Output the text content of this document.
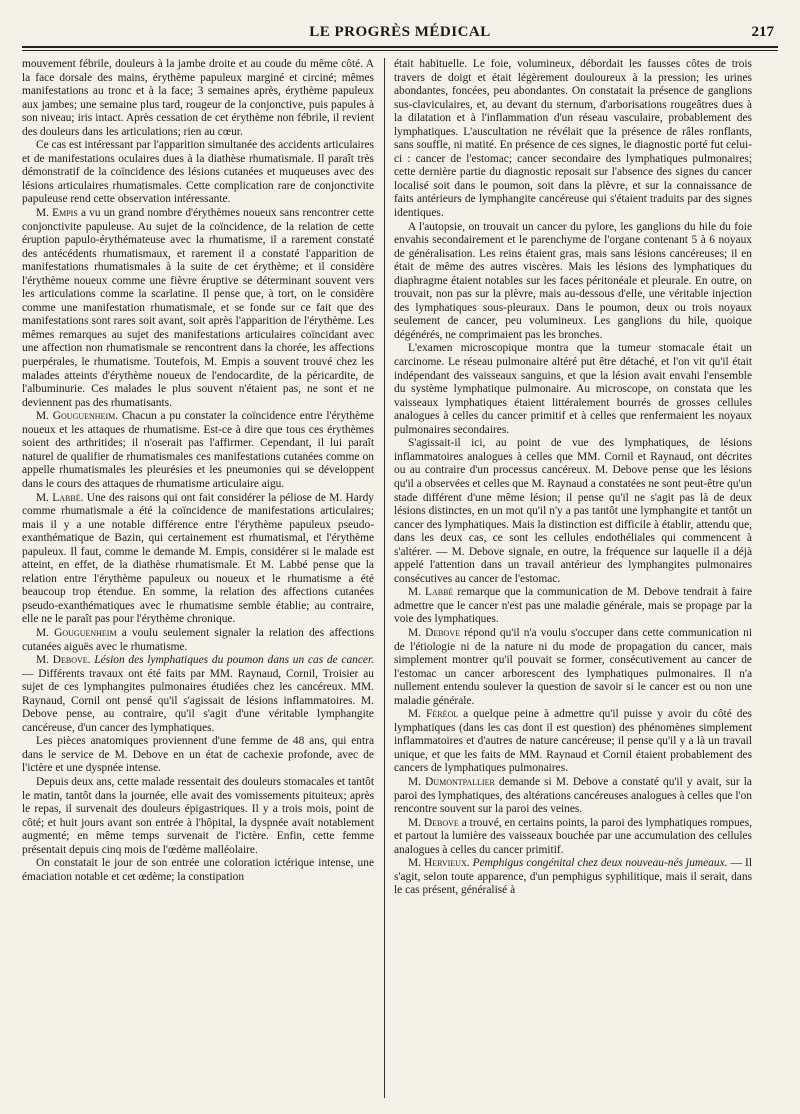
LE PROGRÈS MÉDICAL	217

mouvement fébrile, douleurs à la jambe droite et au coude du même côté. A la face dorsale des mains, érythème papuleux marginé et circiné; mêmes manifestations au tronc et à la face; 3 semaines après, érythème papuleux aux jambes; une semaine plus tard, rougeur de la conjonctive, puis papules à son niveau; iris intact. Après cessation de cet érythème non fébrile, il revient des douleurs dans les articulations; rien au cœur.

Ce cas est intéressant par l'apparition simultanée des accidents articulaires et de manifestations oculaires dues à la diathèse rhumatismale. Il paraît très démonstratif de la coïncidence des lésions cutanées et muqueuses avec des lésions articulaires rhumatismales. Cette complication rare de conjonctivite papuleuse rend cette observation intéressante.

M. Empis a vu un grand nombre d'érythèmes noueux sans rencontrer cette conjonctivite papuleuse. Au sujet de la coïncidence, de la relation de cette éruption papulo-érythémateuse avec la rhumatisme, il a rarement constaté des antécédents rhumatismaux, et rarement il a constaté l'apparition de manifestations rhumatismales à la suite de cet érythème; et il considère l'érythème noueux comme une fièvre éruptive se déterminant souvent vers les articulations comme la scarlatine. Il pense que, à tort, on le considère comme une manifestation rhumatismale, et se fonde sur ce fait que des manifestations sont rares soit avant, soit après l'apparition de l'érythème. Les mêmes remarques au sujet des manifestations articulaires coïncidant avec une affection non rhumatismale se rencontrent dans la chorée, les affections puerpérales, le rhumatisme. Toutefois, M. Empis a souvent trouvé chez les malades atteints d'érythème noueux de l'endocardite, de la péricardite, de l'albuminurie. Ces malades le plus souvent n'étaient pas, ne sont et ne deviennent pas des rhumatisants.

M. Gouguenheim. Chacun a pu constater la coïncidence entre l'érythème noueux et les attaques de rhumatisme. Est-ce à dire que tous ces érythèmes soient des arthritides; il n'oserait pas l'affirmer. Cependant, il lui paraît naturel de qualifier de rhumatismales ces manifestations cutanées comme on appelle rhumatismales les pleurésies et les pneumonies qui se développent dans le cours des attaques de rhumatisme articulaire aigu.

M. Labbé. Une des raisons qui ont fait considérer la péliose de M. Hardy comme rhumatismale a été la coïncidence de manifestations articulaires; mais il y a une notable différence entre l'érythème papuleux pseudo-exanthématique de Bazin, qui certainement est rhumatismal, et l'érythème papuleux. Il faut, comme le demande M. Empis, considérer si le malade est atteint, en effet, de la diathèse rhumatismale. Et M. Labbé pense que la relation entre l'érythème papuleux ou noueux et le rhumatisme a été beaucoup trop étendue. En somme, la relation des affections cutanées pseudo-exanthématiques avec le rhumatisme semble établie; au contraire, elle ne le paraît pas pour l'érythème chronique.

M. Gouguenheim a voulu seulement signaler la relation des affections cutanées aiguës avec le rhumatisme.

M. Debove. Lésion des lymphatiques du poumon dans un cas de cancer. — Différents travaux ont été faits par MM. Raynaud, Cornil, Troisier au sujet de ces lymphangites pulmonaires étudiées chez les cancéreux. MM. Raynaud, Cornil ont pensé qu'il s'agissait de lésions inflammatoires. M. Debove pense, au contraire, qu'il s'agit d'une véritable lymphangite cancéreuse, d'un cancer des lymphatiques.

Les pièces anatomiques proviennent d'une femme de 48 ans, qui entra dans le service de M. Debove en un état de cachexie profonde, avec de l'ictère et une dyspnée intense.

Depuis deux ans, cette malade ressentait des douleurs stomacales et tantôt le matin, tantôt dans la journée, elle avait des vomissements pituiteux; après le repas, il survenait des douleurs épigastriques. Il y a trois mois, point de côté; et huit jours avant son entrée à l'hôpital, la dyspnée avait notablement augmenté; en même temps survenait de l'ictère. Enfin, cette femme présentait depuis cinq mois de l'œdème malléolaire.

On constatait le jour de son entrée une coloration ictérique intense, une émaciation notable et cet œdème; la constipation

était habituelle. Le foie, volumineux, débordait les fausses côtes de trois travers de doigt et était légèrement douloureux à la pression; les urines abondantes, foncées, peu abondantes. On constatait la présence de ganglions sus-claviculaires, et, au devant du sternum, d'arborisations rougeâtres dues à la dilatation et à l'inflammation d'un réseau vasculaire, probablement des lymphatiques. L'auscultation ne révélait que la présence de râles ronflants, sans souffle, ni matité. En présence de ces signes, le diagnostic porté fut celui-ci : cancer de l'estomac; cancer secondaire des lymphatiques pulmonaires; cette dernière partie du diagnostic reposait sur l'absence des signes du cancer localisé soit dans le poumon, soit dans la plèvre, et sur la connaissance de faits antérieurs de lymphangite cancéreuse qui s'étaient traduits par des signes identiques.

A l'autopsie, on trouvait un cancer du pylore, les ganglions du hile du foie envahis secondairement et le parenchyme de l'organe contenant 5 à 6 noyaux de généralisation. Les reins étaient gras, mais sans lésions cancéreuses; il en était de même des autres viscères. Mais les lésions des lymphatiques du diaphragme étaient notables sur les faces péritonéale et pleurale. En outre, on trouvait, non pas sur la plèvre, mais au-dessous d'elle, une véritable injection des lymphatiques sous-pleuraux. Dans le poumon, deux ou trois noyaux seulement de cancer, peu volumineux. Les ganglions du hile, quoique dégénérés, ne comprimaient pas les bronches.

L'examen microscopique montra que la tumeur stomacale était un carcinome. Le réseau pulmonaire altéré put être détaché, et l'on vit qu'il était indépendant des vaisseaux sanguins, et que la lésion avait envahi l'ensemble du système lymphatique pulmonaire. Au microscope, on constata que les vaisseaux lymphatiques étaient littéralement bourrés de grosses cellules analogues à celles du cancer primitif et à celles que renfermaient les noyaux pulmonaires secondaires.

S'agissait-il ici, au point de vue des lymphatiques, de lésions inflammatoires analogues à celles que MM. Cornil et Raynaud, ont décrites ou au contraire d'un processus cancéreux. M. Debove pense que les lésions qu'il a observées et celles que M. Raynaud a constatées ne sont peut-être qu'un stade différent d'une même lésion; il pense qu'il ne s'agit pas là de deux lésions distinctes, en un mot qu'il n'y a pas tantôt une lymphangite et tantôt un cancer des lymphatiques. Mais la distinction est difficile à établir, attendu que, dans les deux cas, ce sont les cellules endothéliales qui commencent à s'altérer. — M. Debove signale, en outre, la fréquence sur laquelle il a déjà appelé l'attention dans un travail antérieur des lymphangites pulmonaires consécutives au cancer de l'estomac.

M. Labbé remarque que la communication de M. Debove tendrait à faire admettre que le cancer n'est pas une maladie générale, mais se propage par la voie des lymphatiques.

M. Debove répond qu'il n'a voulu s'occuper dans cette communication ni de l'étiologie ni de la nature ni du mode de propagation du cancer, mais simplement montrer qu'il pouvait se former, consécutivement au cancer de l'estomac un cancer arborescent des lymphatiques pulmonaires. Il n'a nullement entendu soulever la question de savoir si le cancer est ou non une maladie générale.

M. Féréol a quelque peine à admettre qu'il puisse y avoir du côté des lymphatiques (dans les cas dont il est question) des phénomènes simplement inflammatoires et d'autres de nature cancéreuse; il pense qu'il y a là un travail unique, et que les faits de MM. Raynaud et Cornil étaient probablement des cancers de lymphatiques pulmonaires.

M. Dumontpallier demande si M. Debove a constaté qu'il y avait, sur la paroi des lymphatiques, des altérations cancéreuses analogues à celles que l'on rencontre souvent sur la paroi des veines.

M. Debove a trouvé, en certains points, la paroi des lymphatiques rompues, et partout la lumière des vaisseaux bouchée par une accumulation des cellules analogues à celles du cancer primitif.

M. Hervieux. Pemphigus congénital chez deux nouveau-nés jumeaux. — Il s'agit, selon toute apparence, d'un pemphigus syphilitique, mais il serait, dans le cas présent, généralisé à
